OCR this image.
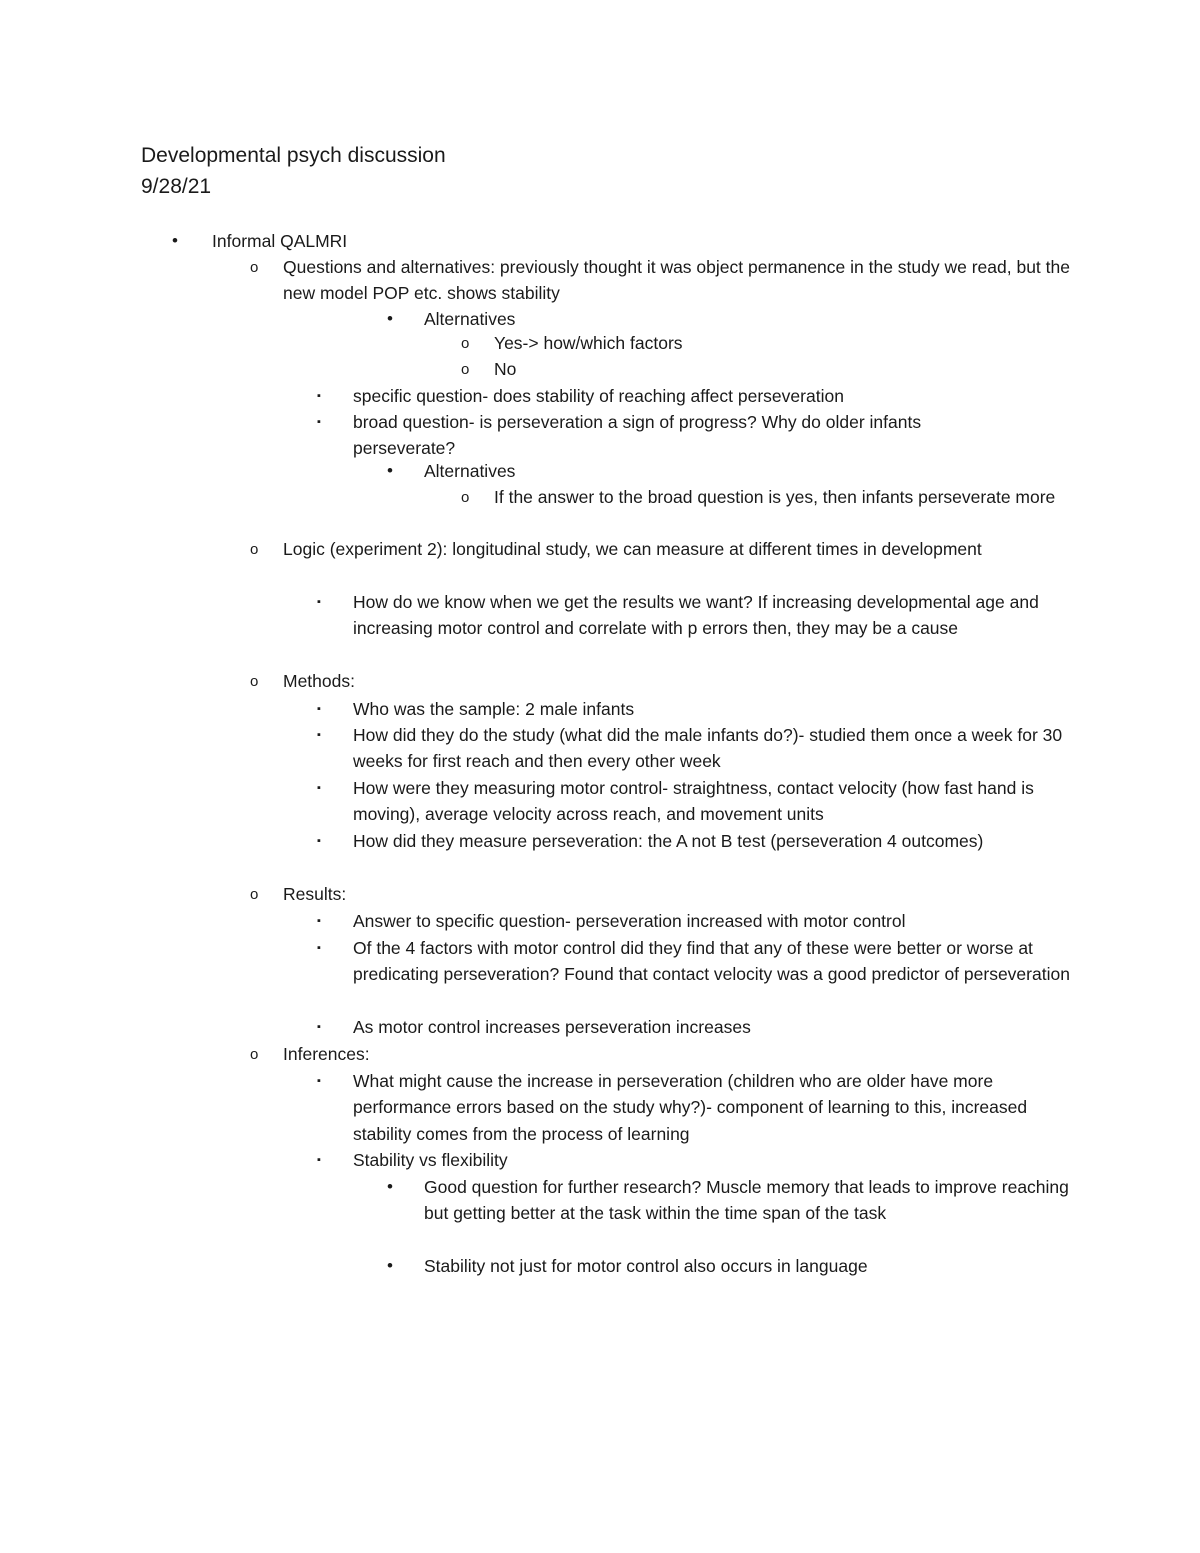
Developmental psych discussion
9/28/21
• Informal QALMRI
o Questions and alternatives: previously thought it was object permanence in the study we read, but the new model POP etc. shows stability
• Alternatives
o Yes-> how/which factors
o No
▪ specific question- does stability of reaching affect perseveration
▪ broad question- is perseveration a sign of progress? Why do older infants perseverate?
• Alternatives
o If the answer to the broad question is yes, then infants perseverate more
o Logic (experiment 2): longitudinal study, we can measure at different times in development
▪ How do we know when we get the results we want? If increasing developmental age and increasing motor control and correlate with p errors then, they may be a cause
o Methods:
▪ Who was the sample: 2 male infants
▪ How did they do the study (what did the male infants do?)- studied them once a week for 30 weeks for first reach and then every other week
▪ How were they measuring motor control- straightness, contact velocity (how fast hand is moving), average velocity across reach, and movement units
▪ How did they measure perseveration: the A not B test (perseveration 4 outcomes)
o Results:
▪ Answer to specific question- perseveration increased with motor control
▪ Of the 4 factors with motor control did they find that any of these were better or worse at predicating perseveration? Found that contact velocity was a good predictor of perseveration
▪ As motor control increases perseveration increases
o Inferences:
▪ What might cause the increase in perseveration (children who are older have more performance errors based on the study why?)- component of learning to this, increased stability comes from the process of learning
▪ Stability vs flexibility
• Good question for further research? Muscle memory that leads to improve reaching but getting better at the task within the time span of the task
• Stability not just for motor control also occurs in language
